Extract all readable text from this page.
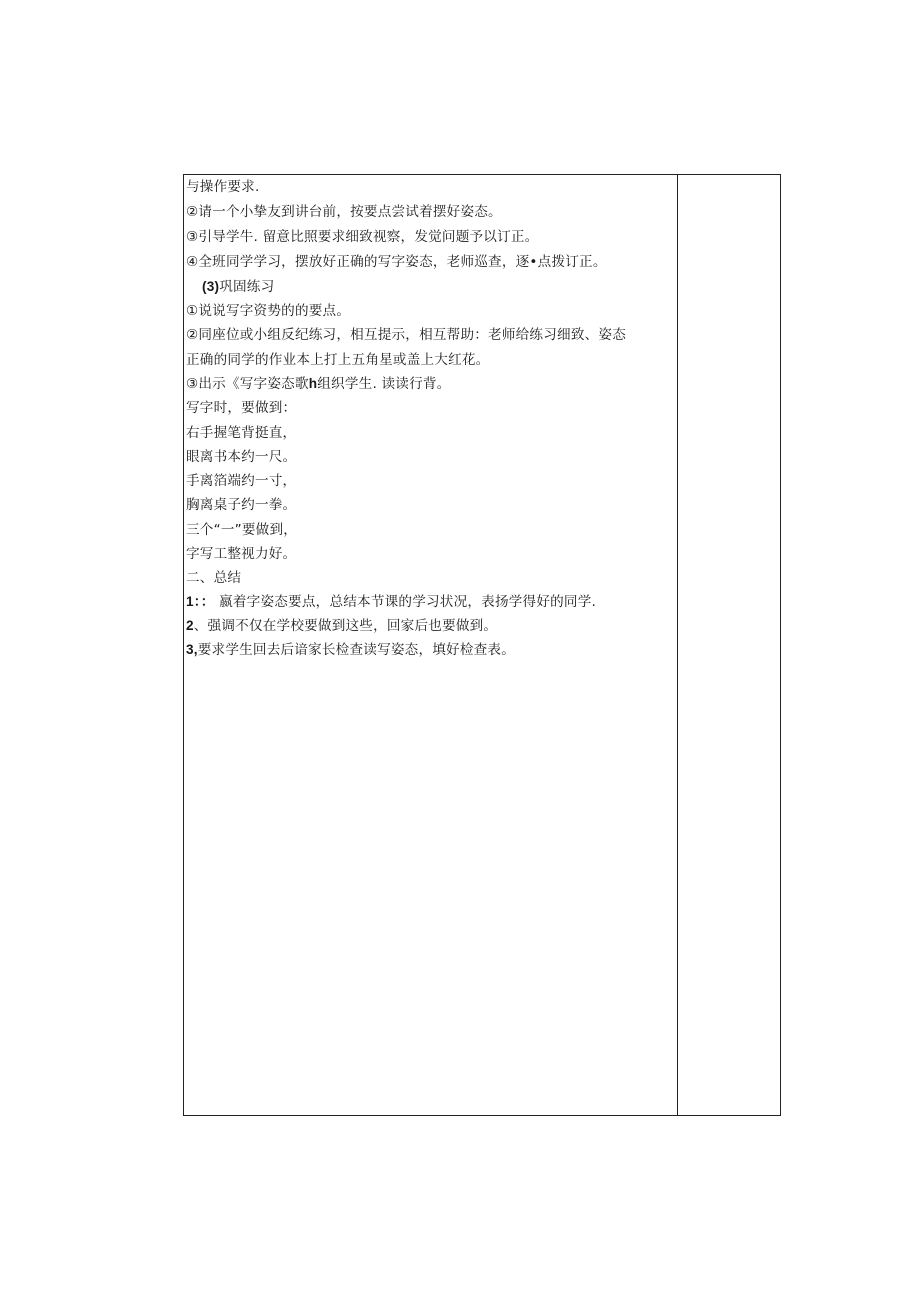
与操作要求.
②请一个小挚友到讲台前，按要点尝试着摆好姿态。
③引导学牛. 留意比照要求细致视察，发觉问题予以订正。
④全班同学学习，摆放好正确的写字姿态，老师巡查，逐•点拨订正。
(3)巩固练习
①说说写字资势的的要点。
②同座位或小组反纪练习，相互提示，相互帮助：老师给练习细致、姿态
正确的同学的作业本上打上五角星或盖上大红花。
③出示《写字姿态歌h组织学生. 读读行背。
写字时，要做到：
右手握笔背挺直，
眼离书本约一尺。
手离箔端约一寸，
胸离桌子约一拳。
三个“一”要做到，
字写工整视力好。
二、总结
1：： 嬴着字姿态要点，总结本节课的学习状况，表扬学得好的同学.
2、强调不仅在学校要做到这些，回家后也要做到。
3,要求学生回去后谙家长检查读写姿态，填好检查表。
